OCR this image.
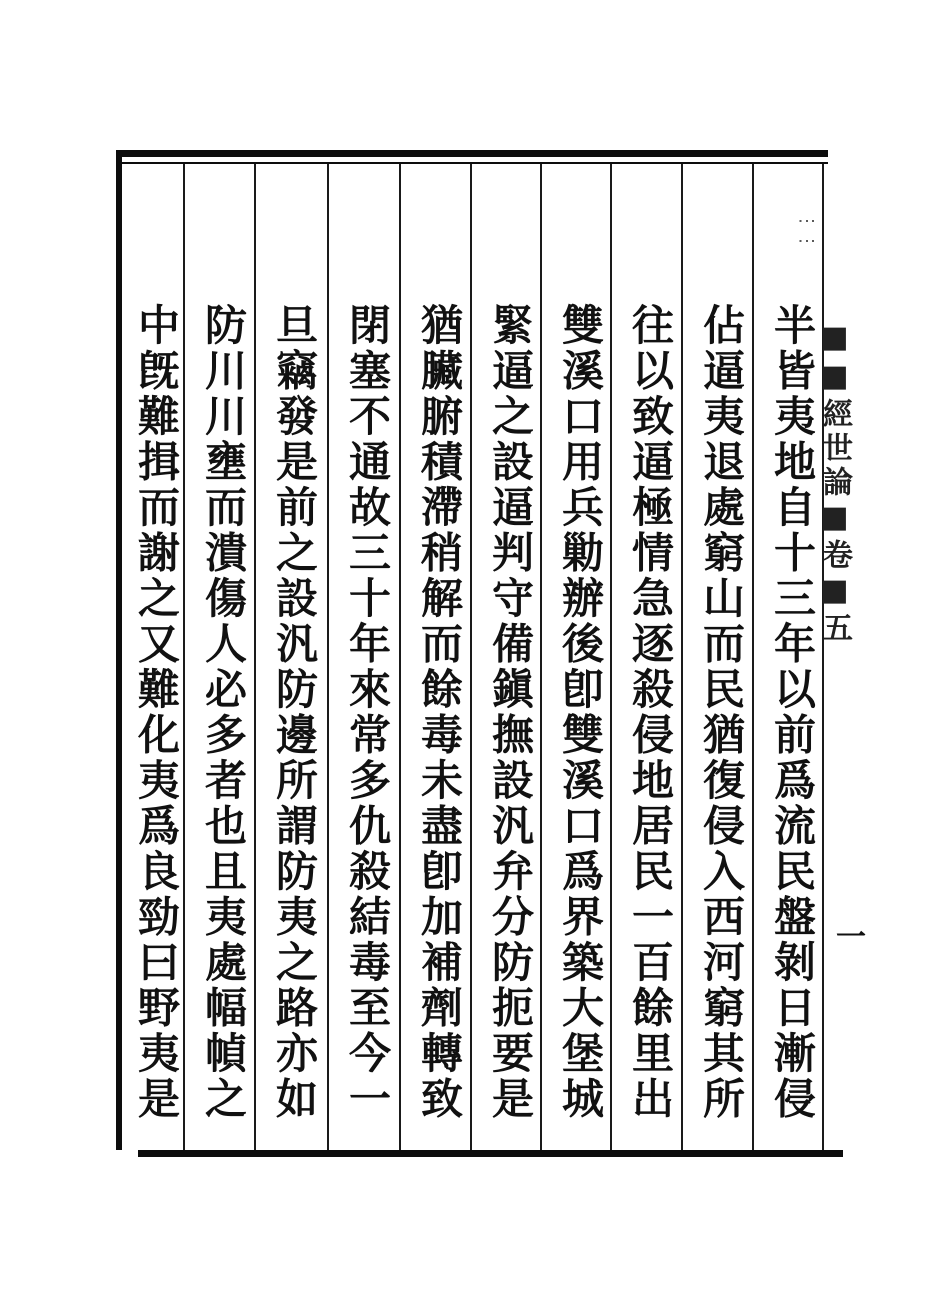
半皆夷地自十三年以前爲流民盤剝日漸侵
佔逼夷退處窮山而民猶復侵入西河窮其所
往以致逼極情急逐殺侵地居民一百餘里出
雙溪口用兵勦辦後卽雙溪口爲界築大堡城
緊逼之設逼判守備鎭撫設汎弁分防扼要是
猶臟腑積滯稍解而餘毒未盡卽加補劑轉致
閉塞不通故三十年來常多仇殺結毒至今一
旦竊發是前之設汎防邊所謂防夷之路亦如
防川川壅而潰傷人必多者也且夷處幅幀之
中旣難揖而謝之又難化夷爲良勁曰野夷是
⋮⋮
■■經世論■卷■五
一
